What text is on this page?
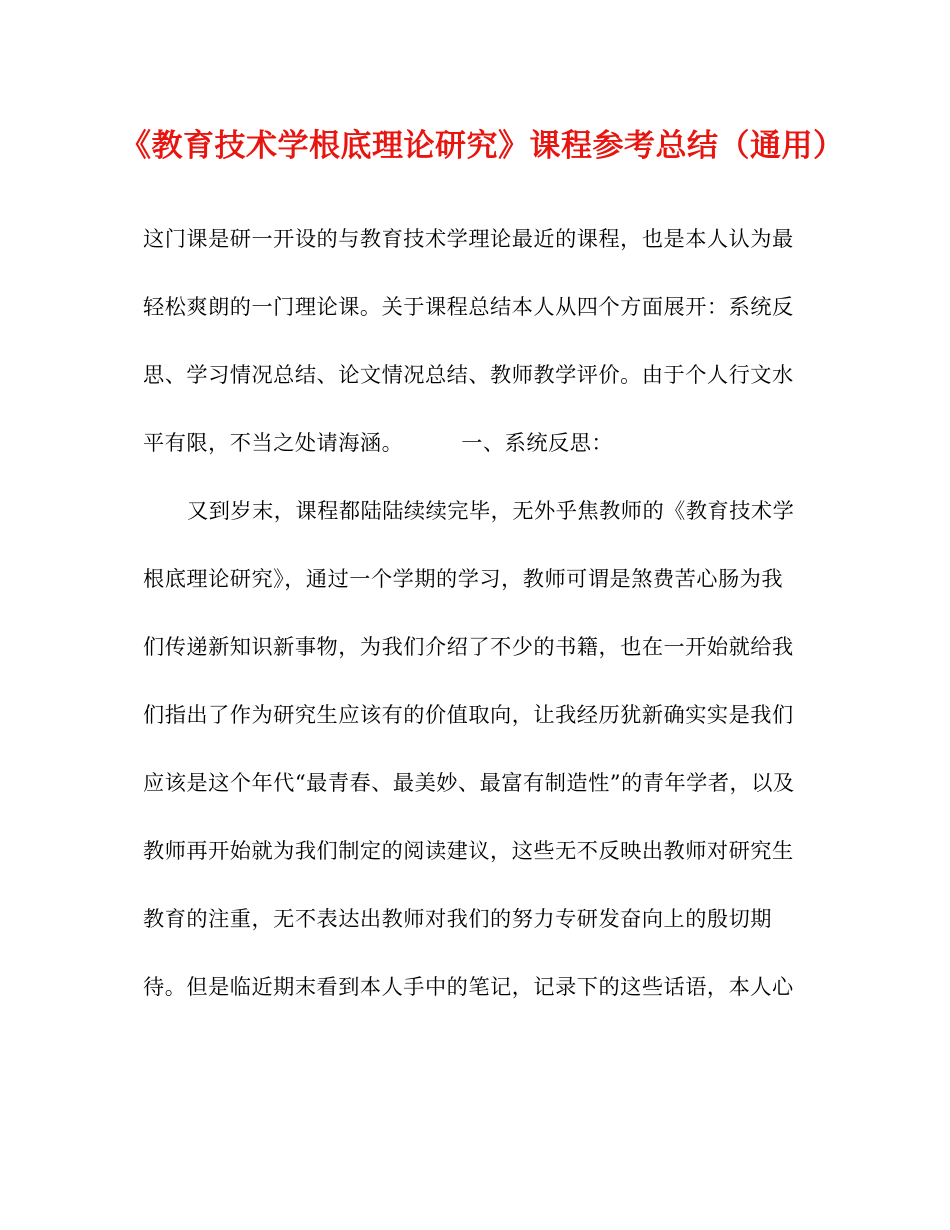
《教育技术学根底理论研究》课程参考总结（通用）
这门课是研一开设的与教育技术学理论最近的课程，也是本人认为最轻松爽朗的一门理论课。关于课程总结本人从四个方面展开：系统反思、学习情况总结、论文情况总结、教师教学评价。由于个人行文水平有限，不当之处请海涵。	一、系统反思：
又到岁末，课程都陆陆续续完毕，无外乎焦教师的《教育技术学根底理论研究》，通过一个学期的学习，教师可谓是煞费苦心肠为我们传递新知识新事物，为我们介绍了不少的书籍，也在一开始就给我们指出了作为研究生应该有的价值取向，让我经历犹新确实实是我们应该是这个年代“最青春、最美妙、最富有制造性”的青年学者，以及教师再开始就为我们制定的阅读建议，这些无不反映出教师对研究生教育的注重，无不表达出教师对我们的努力专研发奋向上的殷切期待。但是临近期末看到本人手中的笔记，记录下的这些话语，本人心
